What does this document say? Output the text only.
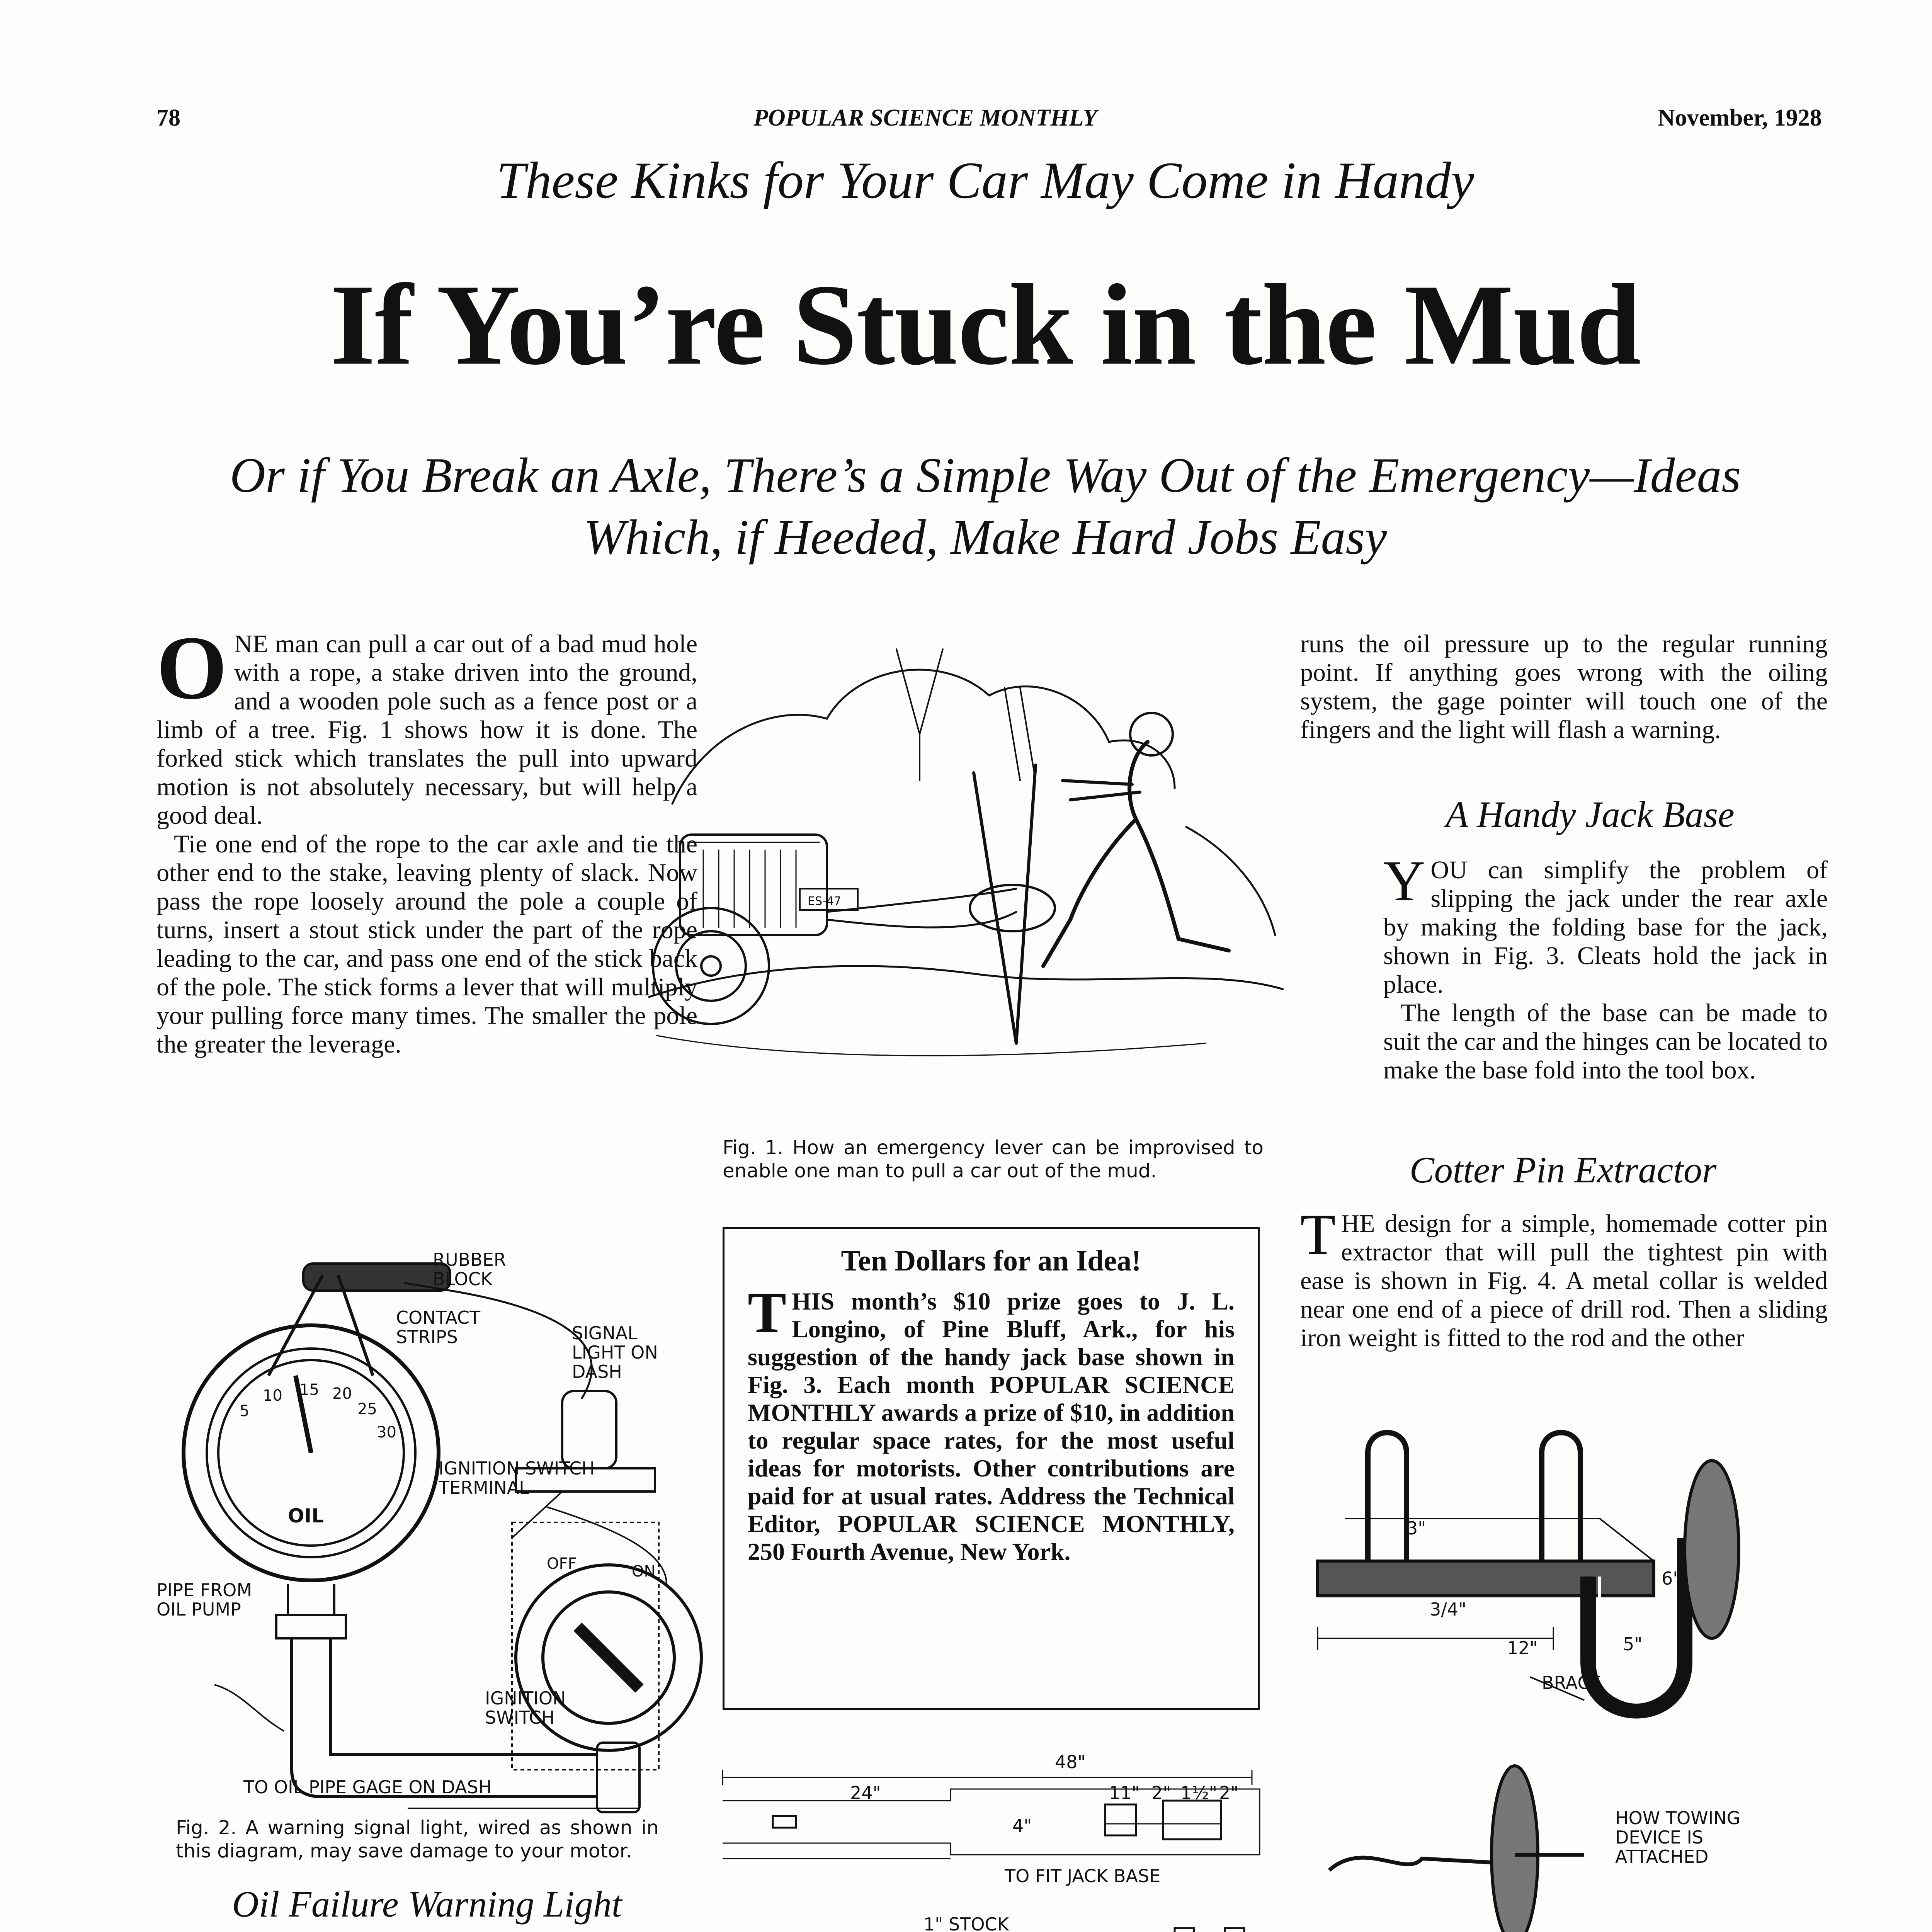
78	POPULAR SCIENCE MONTHLY	November, 1928
These Kinks for Your Car May Come in Handy
If You’re Stuck in the Mud
Or if You Break an Axle, There’s a Simple Way Out of the Emergency—Ideas Which, if Heeded, Make Hard Jobs Easy
O NE man can pull a car out of a bad mud hole with a rope, a stake driven into the ground, and a wooden pole such as a fence post or a limb of a tree. Fig. 1 shows how it is done. The forked stick which translates the pull into upward motion is not absolutely necessary, but will help a good deal.

Tie one end of the rope to the car axle and tie the other end to the stake, leaving plenty of slack. Now pass the rope loosely around the pole a couple of turns, insert a stout stick under the part of the rope leading to the car, and pass one end of the stick back of the pole. The stick forms a lever that will multiply your pulling force many times. The smaller the pole the greater the leverage.

ES-47
Fig. 1. How an emergency lever can be improvised to enable one man to pull a car out of the mud.

runs the oil pressure up to the regular running point. If anything goes wrong with the oiling system, the gage pointer will touch one of the fingers and the light will flash a warning.

A Handy Jack Base
Y OU can simplify the problem of slipping the jack under the rear axle by making the folding base for the jack, shown in Fig. 3. Cleats hold the jack in place.

The length of the base can be made to suit the car and the hinges can be located to make the base fold into the tool box.

Cotter Pin Extractor
T HE design for a simple, homemade cotter pin extractor that will pull the tightest pin with ease is shown in Fig. 4. A metal collar is welded near one end of a piece of drill rod. Then a sliding iron weight is fitted to the rod and the other

Ten Dollars for an Idea!

T HIS month’s $10 prize goes to J. L. Longino, of Pine Bluff, Ark., for his suggestion of the handy jack base shown in Fig. 3. Each month POPULAR SCIENCE MONTHLY awards a prize of $10, in addition to regular space rates, for the most useful ideas for motorists. Other contributions are paid for at usual rates. Address the Technical Editor, POPULAR SCIENCE MONTHLY, 250 Fourth Avenue, New York.

OIL
5
10 15 20
25
30
OFF	ON
RUBBER BLOCK
CONTACT STRIPS	SIGNAL LIGHT ON DASH
IGNITION SWITCH TERMINAL
PIPE FROM OIL PUMP
IGNITION SWITCH
TO OIL PIPE GAGE ON DASH
Fig. 2. A warning signal light, wired as shown in this diagram, may save damage to your motor.
Oil Failure Warning Light

48"
24"	11" 2" 1½" 2"
4"
TO FIT JACK BASE
1" STOCK
3"
3/4"
6"
5"
12"
BRACE
HOW TOWING DEVICE IS ATTACHED
